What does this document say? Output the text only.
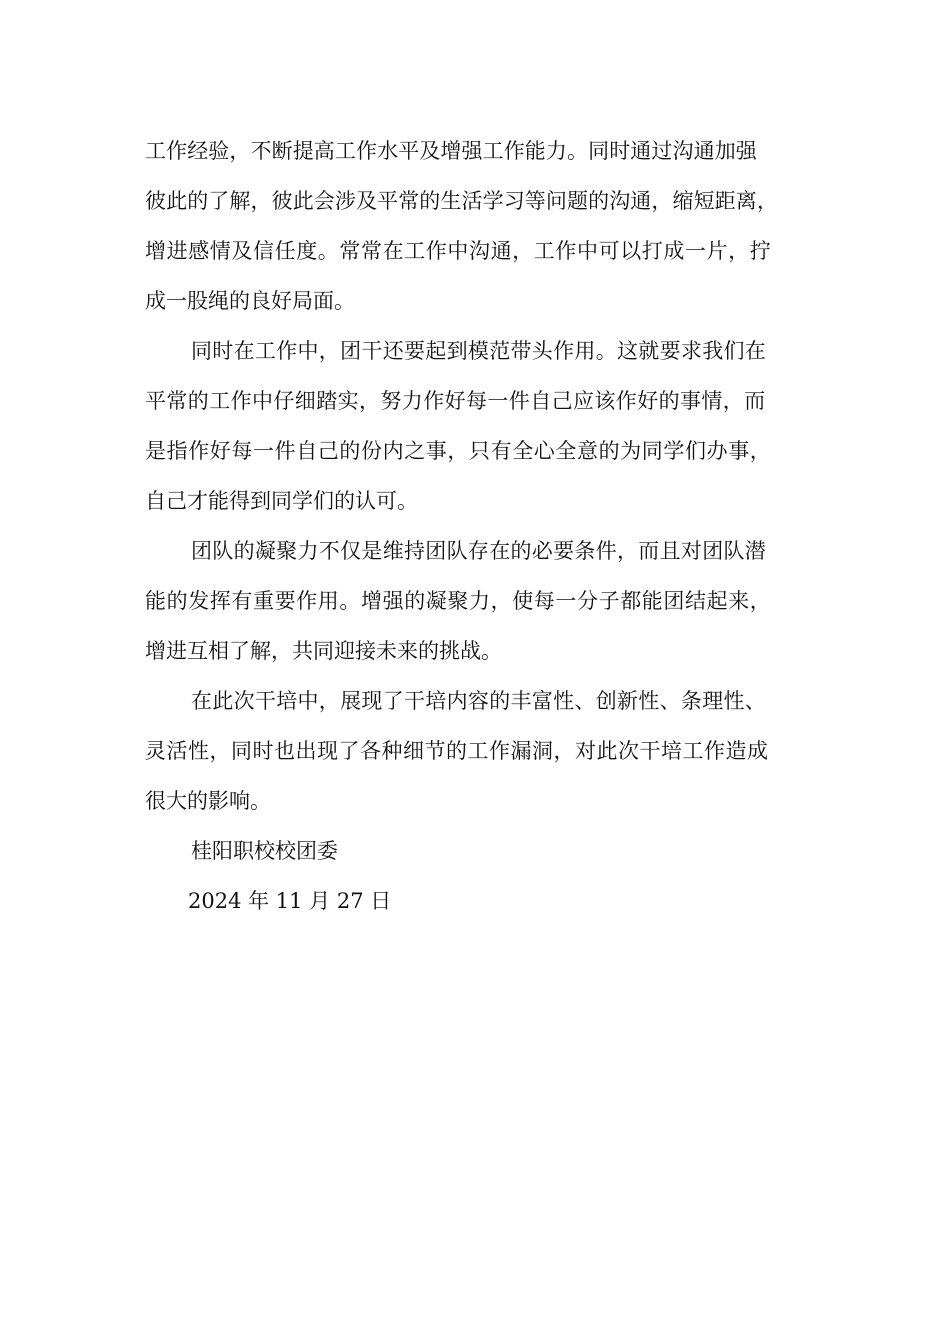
工作经验，不断提高工作水平及增强工作能力。同时通过沟通加强
彼此的了解，彼此会涉及平常的生活学习等问题的沟通，缩短距离，
增进感情及信任度。常常在工作中沟通，工作中可以打成一片，拧
成一股绳的良好局面。
同时在工作中，团干还要起到模范带头作用。这就要求我们在
平常的工作中仔细踏实，努力作好每一件自己应该作好的事情，而
是指作好每一件自己的份内之事，只有全心全意的为同学们办事，
自己才能得到同学们的认可。
团队的凝聚力不仅是维持团队存在的必要条件，而且对团队潜
能的发挥有重要作用。增强的凝聚力，使每一分子都能团结起来，
增进互相了解，共同迎接未来的挑战。
在此次干培中，展现了干培内容的丰富性、创新性、条理性、
灵活性，同时也出现了各种细节的工作漏洞，对此次干培工作造成
很大的影响。
桂阳职校校团委
2024 年 11 月 27 日
